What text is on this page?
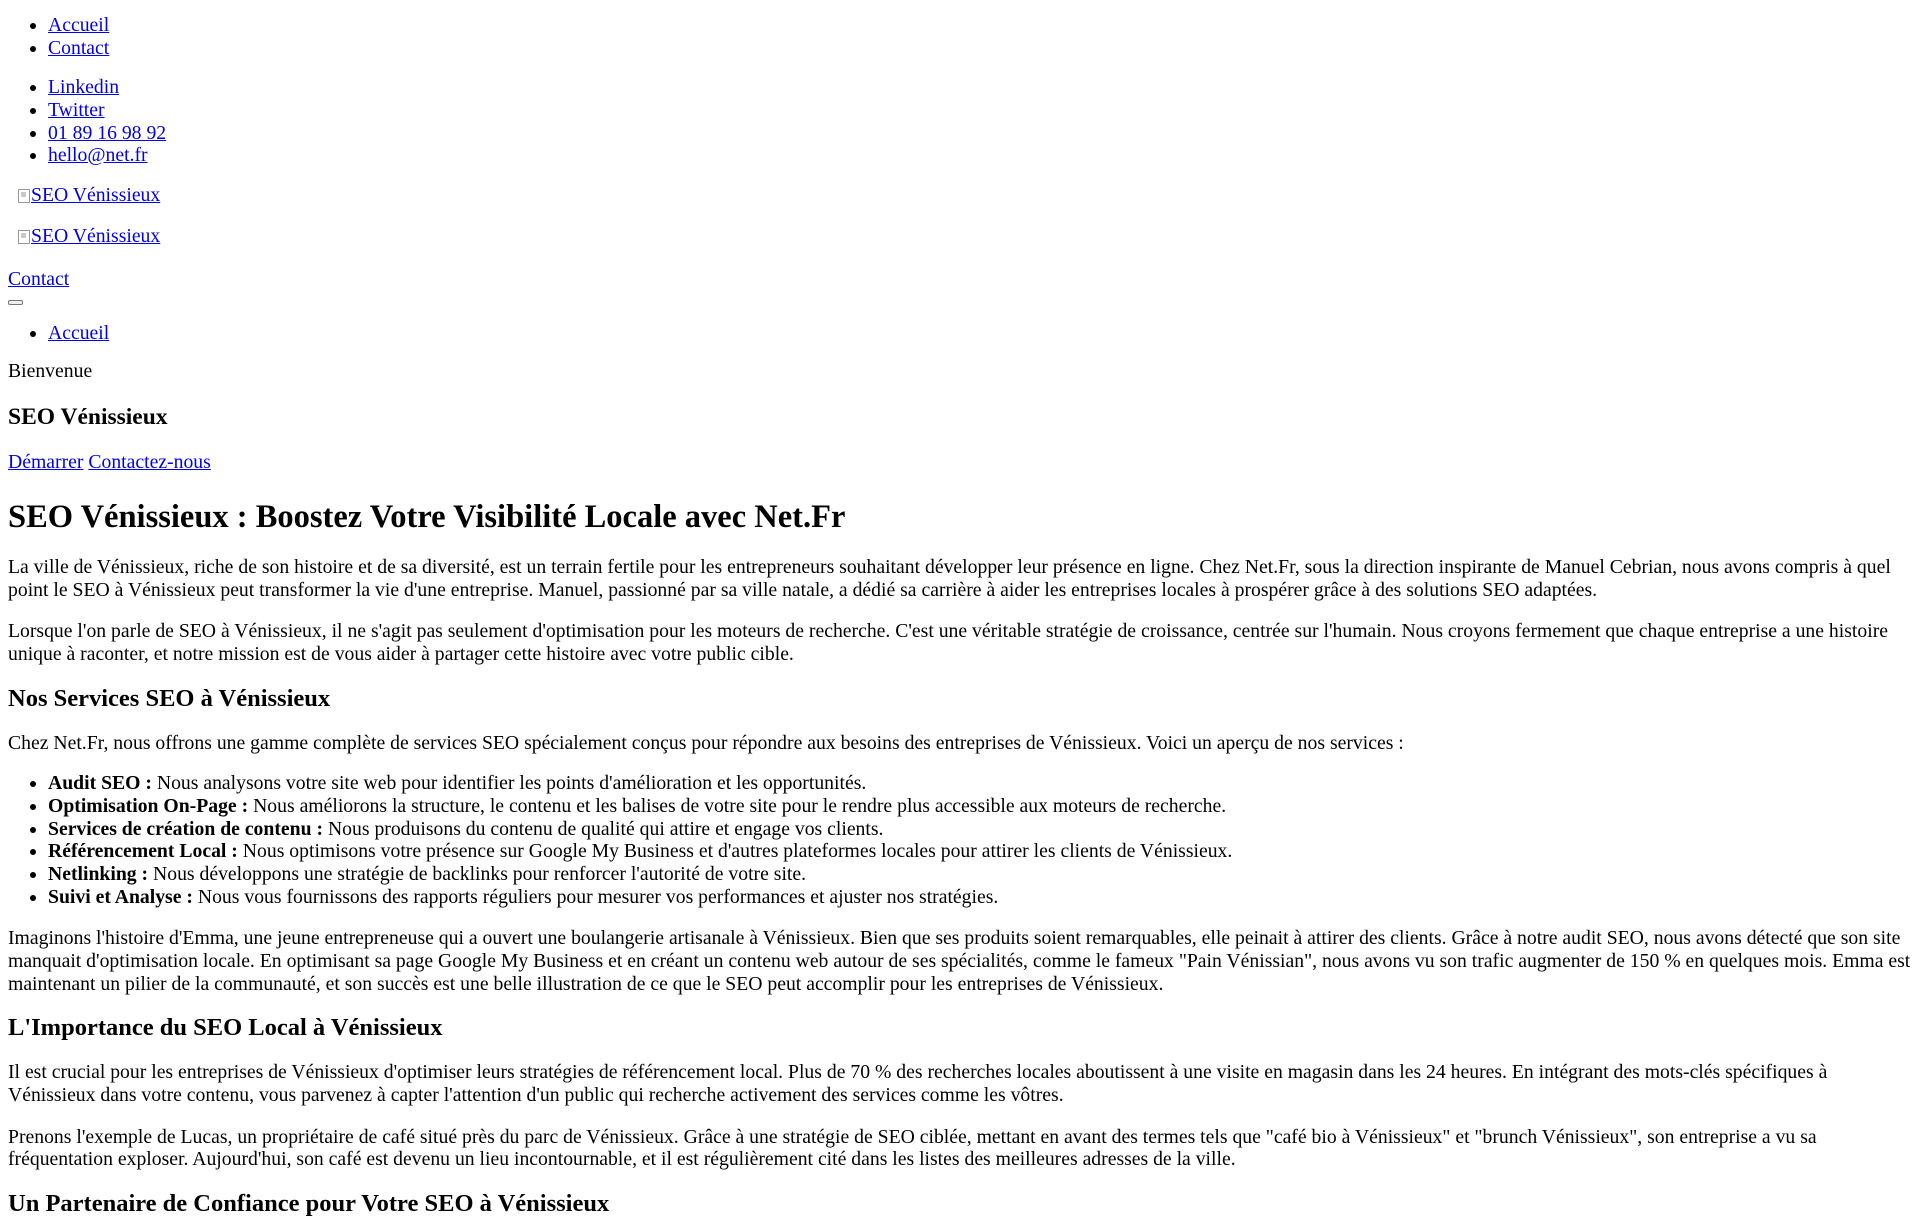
• Accueil
• Contact
• Linkedin
• Twitter
• 01 89 16 98 92
• hello@net.fr
SEO Vénissieux
SEO Vénissieux
Contact
• Accueil
Bienvenue
SEO Vénissieux
Démarrer Contactez-nous
SEO Vénissieux : Boostez Votre Visibilité Locale avec Net.Fr

La ville de Vénissieux, riche de son histoire et de sa diversité, est un terrain fertile pour les entrepreneurs souhaitant développer leur présence en ligne. Chez Net.Fr, sous la direction inspirante de Manuel Cebrian, nous avons compris à quel point le SEO à Vénissieux peut transformer la vie d'une entreprise. Manuel, passionné par sa ville natale, a dédié sa carrière à aider les entreprises locales à prospérer grâce à des solutions SEO adaptées.

Lorsque l'on parle de SEO à Vénissieux, il ne s'agit pas seulement d'optimisation pour les moteurs de recherche. C'est une véritable stratégie de croissance, centrée sur l'humain. Nous croyons fermement que chaque entreprise a une histoire unique à raconter, et notre mission est de vous aider à partager cette histoire avec votre public cible.

Nos Services SEO à Vénissieux

Chez Net.Fr, nous offrons une gamme complète de services SEO spécialement conçus pour répondre aux besoins des entreprises de Vénissieux. Voici un aperçu de nos services :

• Audit SEO : Nous analysons votre site web pour identifier les points d'amélioration et les opportunités.
• Optimisation On-Page : Nous améliorons la structure, le contenu et les balises de votre site pour le rendre plus accessible aux moteurs de recherche.
• Services de création de contenu : Nous produisons du contenu de qualité qui attire et engage vos clients.
• Référencement Local : Nous optimisons votre présence sur Google My Business et d'autres plateformes locales pour attirer les clients de Vénissieux.
• Netlinking : Nous développons une stratégie de backlinks pour renforcer l'autorité de votre site.
• Suivi et Analyse : Nous vous fournissons des rapports réguliers pour mesurer vos performances et ajuster nos stratégies.

Imaginons l'histoire d'Emma, une jeune entrepreneuse qui a ouvert une boulangerie artisanale à Vénissieux. Bien que ses produits soient remarquables, elle peinait à attirer des clients. Grâce à notre audit SEO, nous avons détecté que son site manquait d'optimisation locale. En optimisant sa page Google My Business et en créant un contenu web autour de ses spécialités, comme le fameux "Pain Vénissian", nous avons vu son trafic augmenter de 150 % en quelques mois. Emma est maintenant un pilier de la communauté, et son succès est une belle illustration de ce que le SEO peut accomplir pour les entreprises de Vénissieux.

L'Importance du SEO Local à Vénissieux

Il est crucial pour les entreprises de Vénissieux d'optimiser leurs stratégies de référencement local. Plus de 70 % des recherches locales aboutissent à une visite en magasin dans les 24 heures. En intégrant des mots-clés spécifiques à Vénissieux dans votre contenu, vous parvenez à capter l'attention d'un public qui recherche activement des services comme les vôtres.

Prenons l'exemple de Lucas, un propriétaire de café situé près du parc de Vénissieux. Grâce à une stratégie de SEO ciblée, mettant en avant des termes tels que "café bio à Vénissieux" et "brunch Vénissieux", son entreprise a vu sa fréquentation exploser. Aujourd'hui, son café est devenu un lieu incontournable, et il est régulièrement cité dans les listes des meilleures adresses de la ville.

Un Partenaire de Confiance pour Votre SEO à Vénissieux
